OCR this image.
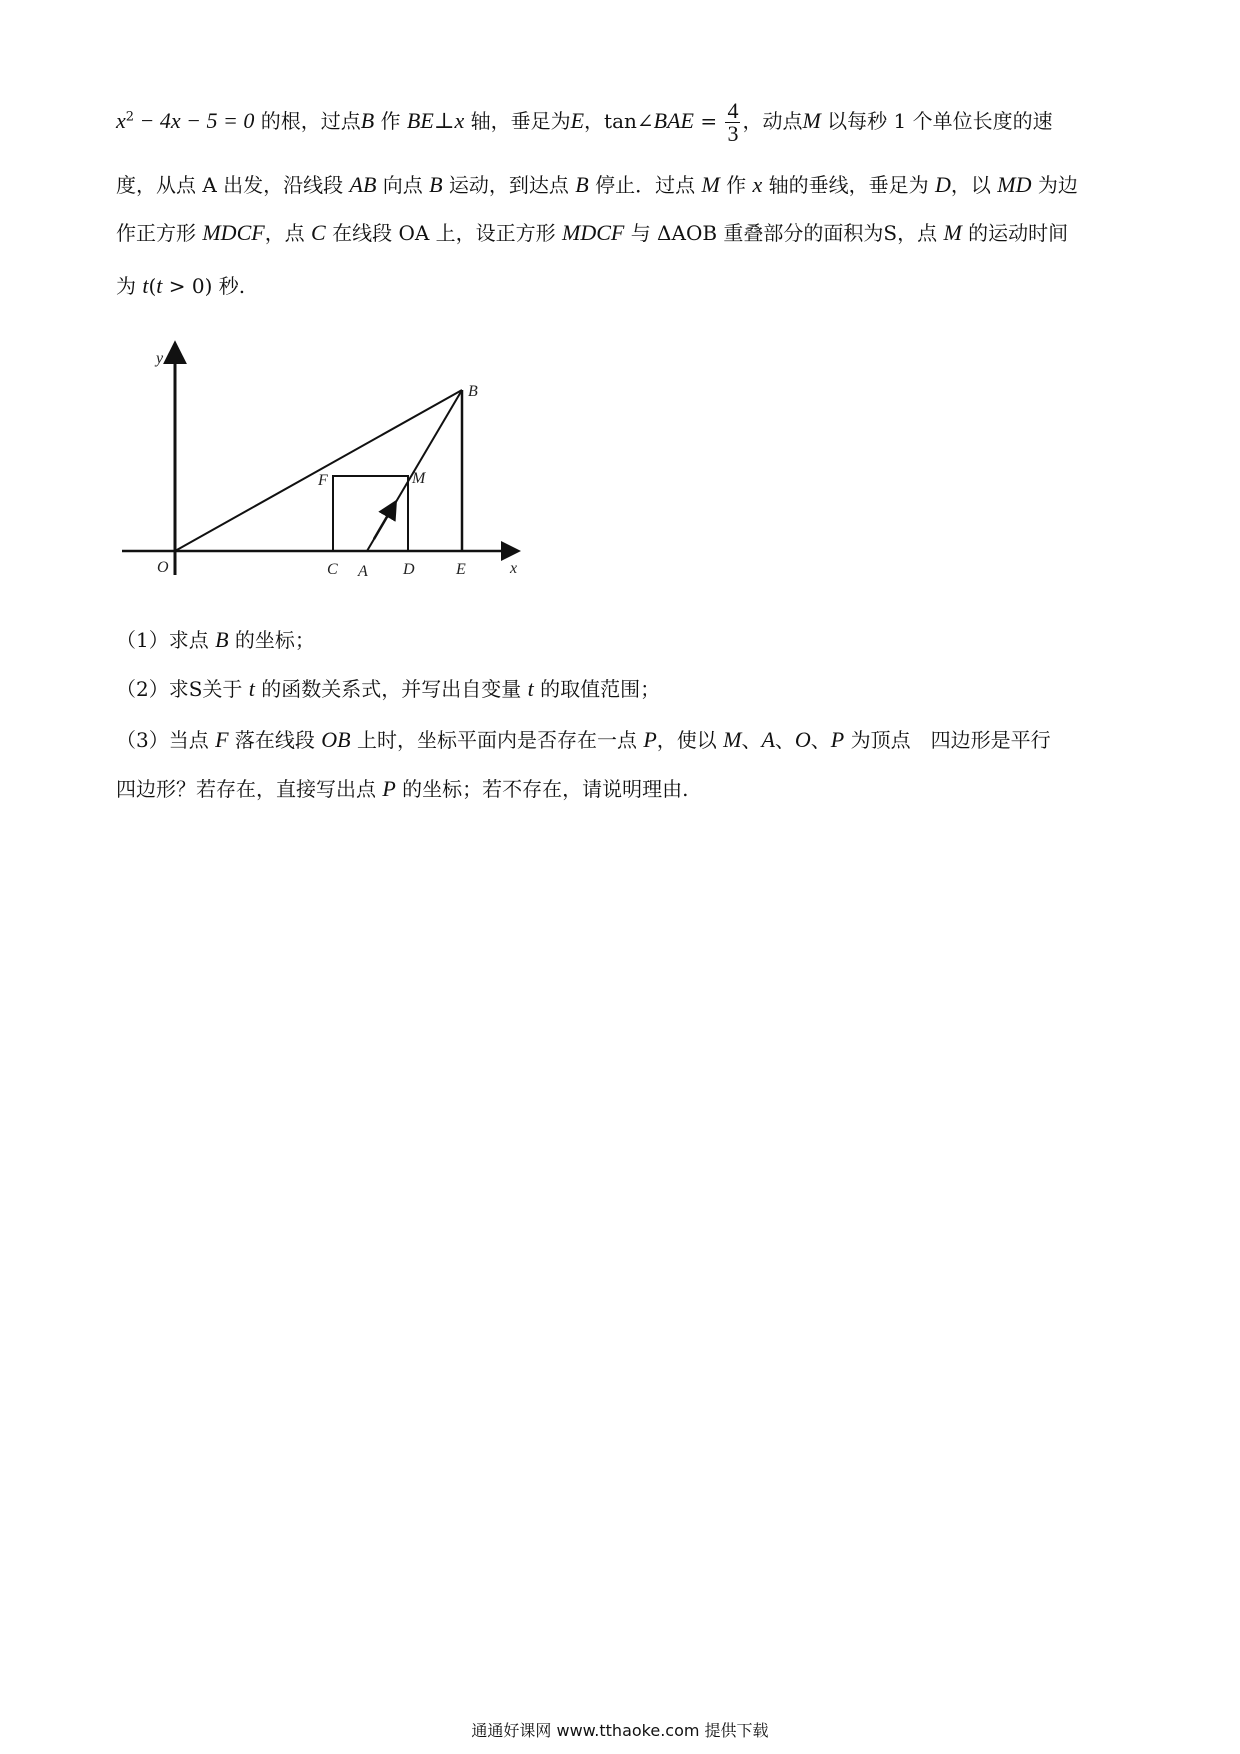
$x^2 - 4x - 5 = 0$ 的根，过点B 作 BE⊥x 轴，垂足为E，tan∠BAE = $\frac{4}{3}$ ，动点M 以每秒 1 个单位长度的速
度，从点 A 出发，沿线段 AB 向点 B 运动，到达点 B 停止．过点 M 作 x 轴的垂线，垂足为 D，以 MD 为边
作正方形 MDCF，点 C 在线段 OA 上，设正方形 MDCF 与 ΔAOB 重叠部分的面积为S，点 M 的运动时间
为 t(t > 0) 秒.
y
x
O	C A D	E
B
F	M
（1）求点 B 的坐标；
（2）求S关于 t 的函数关系式，并写出自变量 t 的取值范围；
（3）当点 F 落在线段 OB 上时，坐标平面内是否存在一点 P，使以 M、A、O、P 为顶点　四边形是平行
四边形？若存在，直接写出点 P 的坐标；若不存在，请说明理由.
通通好课网 www.tthaoke.com 提供下载
